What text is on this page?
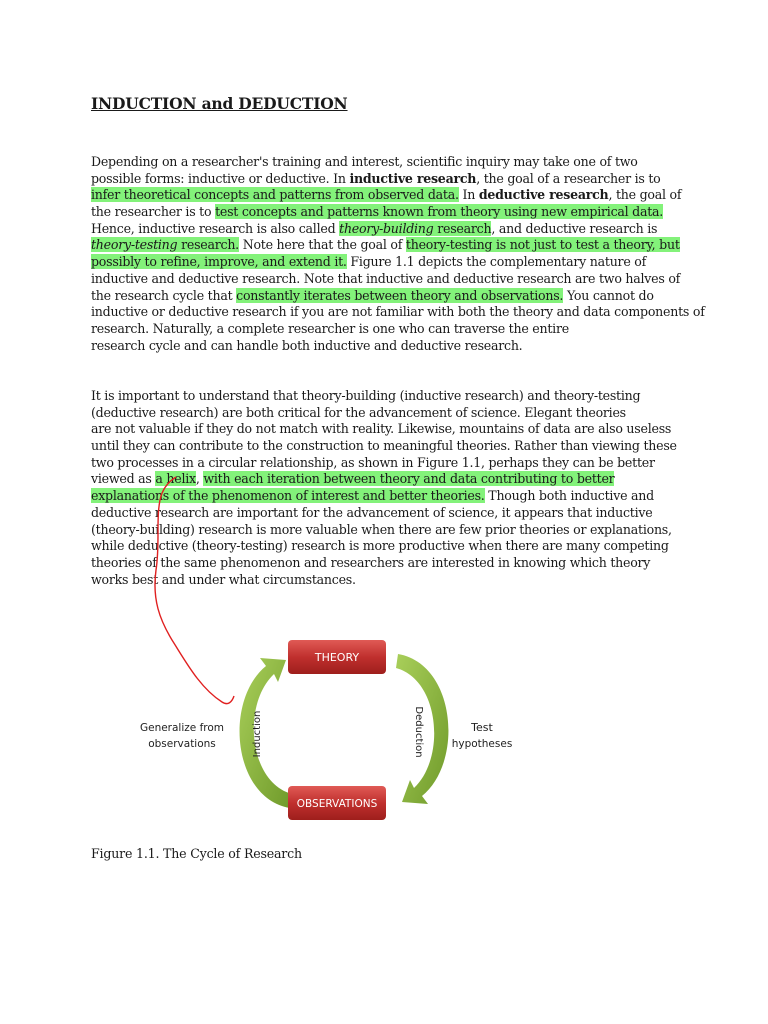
INDUCTION and DEDUCTION
Depending on a researcher's training and interest, scientific inquiry may take one of two
possible forms: inductive or deductive. In inductive research, the goal of a researcher is to
infer theoretical concepts and patterns from observed data. In deductive research, the goal of
the researcher is to test concepts and patterns known from theory using new empirical data.
Hence, inductive research is also called theory-building research, and deductive research is
theory-testing research. Note here that the goal of theory-testing is not just to test a theory, but
possibly to refine, improve, and extend it. Figure 1.1 depicts the complementary nature of
inductive and deductive research. Note that inductive and deductive research are two halves of
the research cycle that constantly iterates between theory and observations. You cannot do
inductive or deductive research if you are not familiar with both the theory and data components of
research. Naturally, a complete researcher is one who can traverse the entire
research cycle and can handle both inductive and deductive research.
It is important to understand that theory-building (inductive research) and theory-testing
(deductive research) are both critical for the advancement of science. Elegant theories
are not valuable if they do not match with reality. Likewise, mountains of data are also useless
until they can contribute to the construction to meaningful theories. Rather than viewing these
two processes in a circular relationship, as shown in Figure 1.1, perhaps they can be better
viewed as a helix, with each iteration between theory and data contributing to better
explanations of the phenomenon of interest and better theories. Though both inductive and
deductive research are important for the advancement of science, it appears that inductive
(theory-building) research is more valuable when there are few prior theories or explanations,
while deductive (theory-testing) research is more productive when there are many competing
theories of the same phenomenon and researchers are interested in knowing which theory
works best and under what circumstances.
THEORY
OBSERVATIONS
Induction	Deduction
Generalize from
observations
Test
hypotheses
Figure 1.1. The Cycle of Research
